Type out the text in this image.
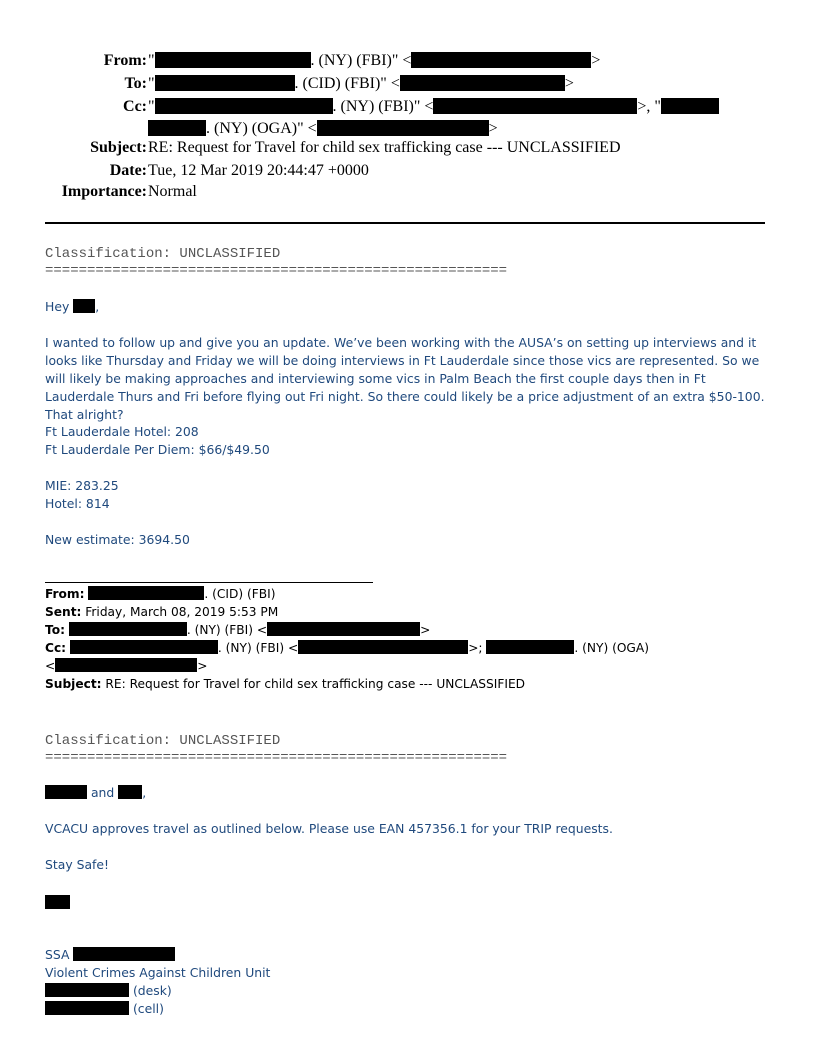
From: "	. (NY) (FBI)" <	>
To: "	. (CID) (FBI)" <	>
Cc: "	. (NY) (FBI)" <	>, "
. (NY) (OGA)" <	>
Subject: RE: Request for Travel for child sex trafficking case --- UNCLASSIFIED
Date: Tue, 12 Mar 2019 20:44:47 +0000
Importance: Normal
Classification: UNCLASSIFIED
=======================================================
Hey ,
I wanted to follow up and give you an update. We’ve been working with the AUSA’s on setting up interviews and it looks like Thursday and Friday we will be doing interviews in Ft Lauderdale since those vics are represented. So we will likely be making approaches and interviewing some vics in Palm Beach the first couple days then in Ft Lauderdale Thurs and Fri before flying out Fri night. So there could likely be a price adjustment of an extra $50-100. That alright?
Ft Lauderdale Hotel: 208
Ft Lauderdale Per Diem: $66/$49.50
MIE: 283.25
Hotel: 814
New estimate: 3694.50
From:	. (CID) (FBI)
Sent: Friday, March 08, 2019 5:53 PM
To:	. (NY) (FBI) <	>
Cc:	. (NY) (FBI) <	>;	. (NY) (OGA)
<	>
Subject: RE: Request for Travel for child sex trafficking case --- UNCLASSIFIED
Classification: UNCLASSIFIED
=======================================================
and ,
VCACU approves travel as outlined below. Please use EAN 457356.1 for your TRIP requests.
Stay Safe!
SSA
Violent Crimes Against Children Unit
(desk)
(cell)
